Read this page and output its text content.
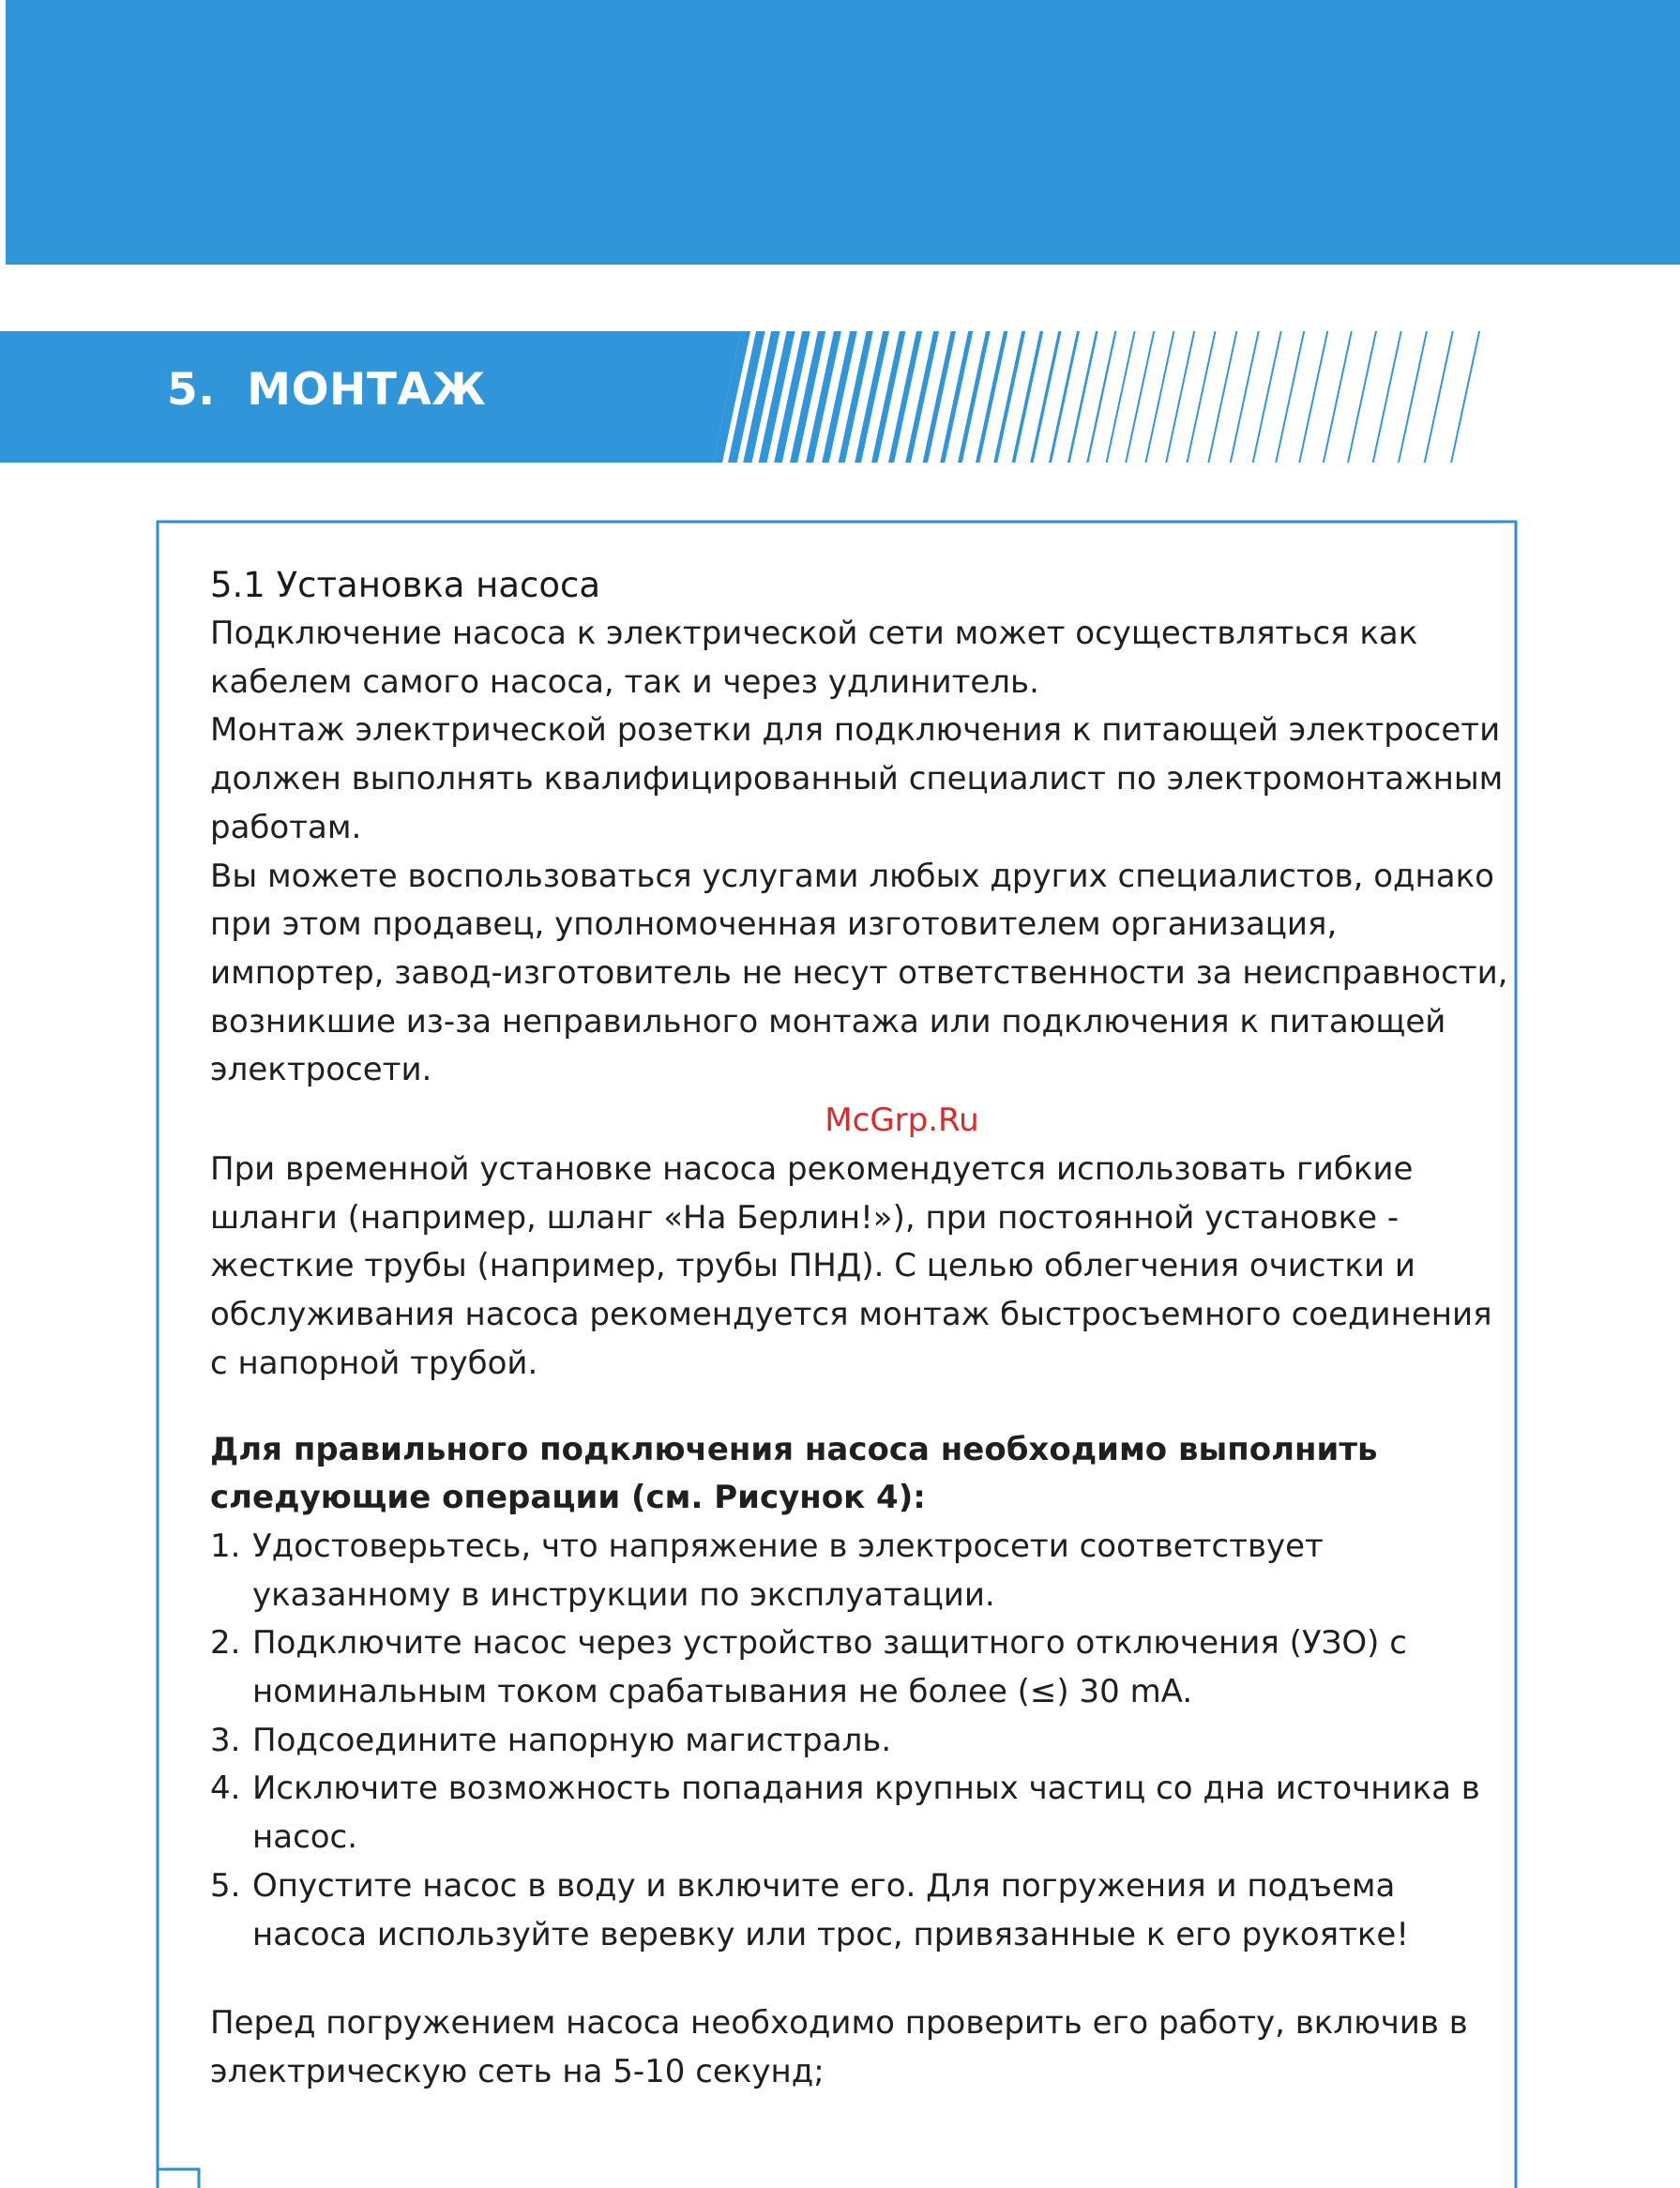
5. МОНТАЖ
5.1 Установка насоса

Подключение насоса к электрической сети может осуществляться как кабелем самого насоса, так и через удлинитель.

Монтаж электрической розетки для подключения к питающей электросети должен выполнять квалифицированный специалист по электромонтажным работам.

Вы можете воспользоваться услугами любых других специалистов, однако при этом продавец, уполномоченная изготовителем организация, импортер, завод-изготовитель не несут ответственности за неисправности, возникшие из-за неправильного монтажа или подключения к питающей электросети.

McGrp.Ru

При временной установке насоса рекомендуется использовать гибкие шланги (например, шланг «На Берлин!»), при постоянной установке - жесткие трубы (например, трубы ПНД). С целью облегчения очистки и обслуживания насоса рекомендуется монтаж быстросъемного соединения с напорной трубой.

Для правильного подключения насоса необходимо выполнить следующие операции (см. Рисунок 4):

1. Удостоверьтесь, что напряжение в электросети соответствует указанному в инструкции по эксплуатации.
2. Подключите насос через устройство защитного отключения (УЗО) с номинальным током срабатывания не более (≤) 30 mA.
3. Подсоедините напорную магистраль.
4. Исключите возможность попадания крупных частиц со дна источника в насос.
5. Опустите насос в воду и включите его. Для погружения и подъема насоса используйте веревку или трос, привязанные к его рукоятке!

Перед погружением насоса необходимо проверить его работу, включив в электрическую сеть на 5-10 секунд;
